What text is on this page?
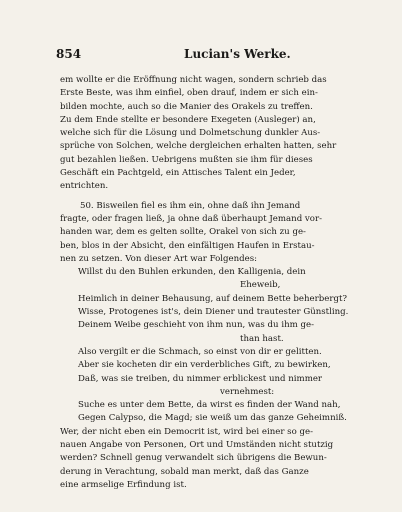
854	Lucian's Werke.
em wollte er die Eröffnung nicht wagen, sondern schrieb das
Erste Beste, was ihm einfiel, oben drauf, indem er sich ein-
bilden mochte, auch so die Manier des Orakels zu treffen.
Zu dem Ende stellte er besondere Exegeten (Ausleger) an,
welche sich für die Lösung und Dolmetschung dunkler Aus-
sprüche von Solchen, welche dergleichen erhalten hatten, sehr
gut bezahlen ließen. Uebrigens mußten sie ihm für dieses
Geschäft ein Pachtgeld, ein Attisches Talent ein Jeder,
entrichten.
50. Bisweilen fiel es ihm ein, ohne daß ihn Jemand
fragte, oder fragen ließ, ja ohne daß überhaupt Jemand vor-
handen war, dem es gelten sollte, Orakel von sich zu ge-
ben, blos in der Absicht, den einfältigen Haufen in Erstau-
nen zu setzen. Von dieser Art war Folgendes:
Willst du den Buhlen erkunden, den Kalligenia, dein
Eheweib,
Heimlich in deiner Behausung, auf deinem Bette beherbergt?
Wisse, Protogenes ist's, dein Diener und trautester Günstling.
Deinem Weibe geschieht von ihm nun, was du ihm ge-
than hast.
Also vergilt er die Schmach, so einst von dir er gelitten.
Aber sie kocheten dir ein verderbliches Gift, zu bewirken,
Daß, was sie treiben, du nimmer erblickest und nimmer
vernehmest:
Suche es unter dem Bette, da wirst es finden der Wand nah,
Gegen Calypso, die Magd; sie weiß um das ganze Geheimniß.
Wer, der nicht eben ein Democrit ist, wird bei einer so ge-
nauen Angabe von Personen, Ort und Umständen nicht stutzig
werden? Schnell genug verwandelt sich übrigens die Bewun-
derung in Verachtung, sobald man merkt, daß das Ganze
eine armselige Erfindung ist.
